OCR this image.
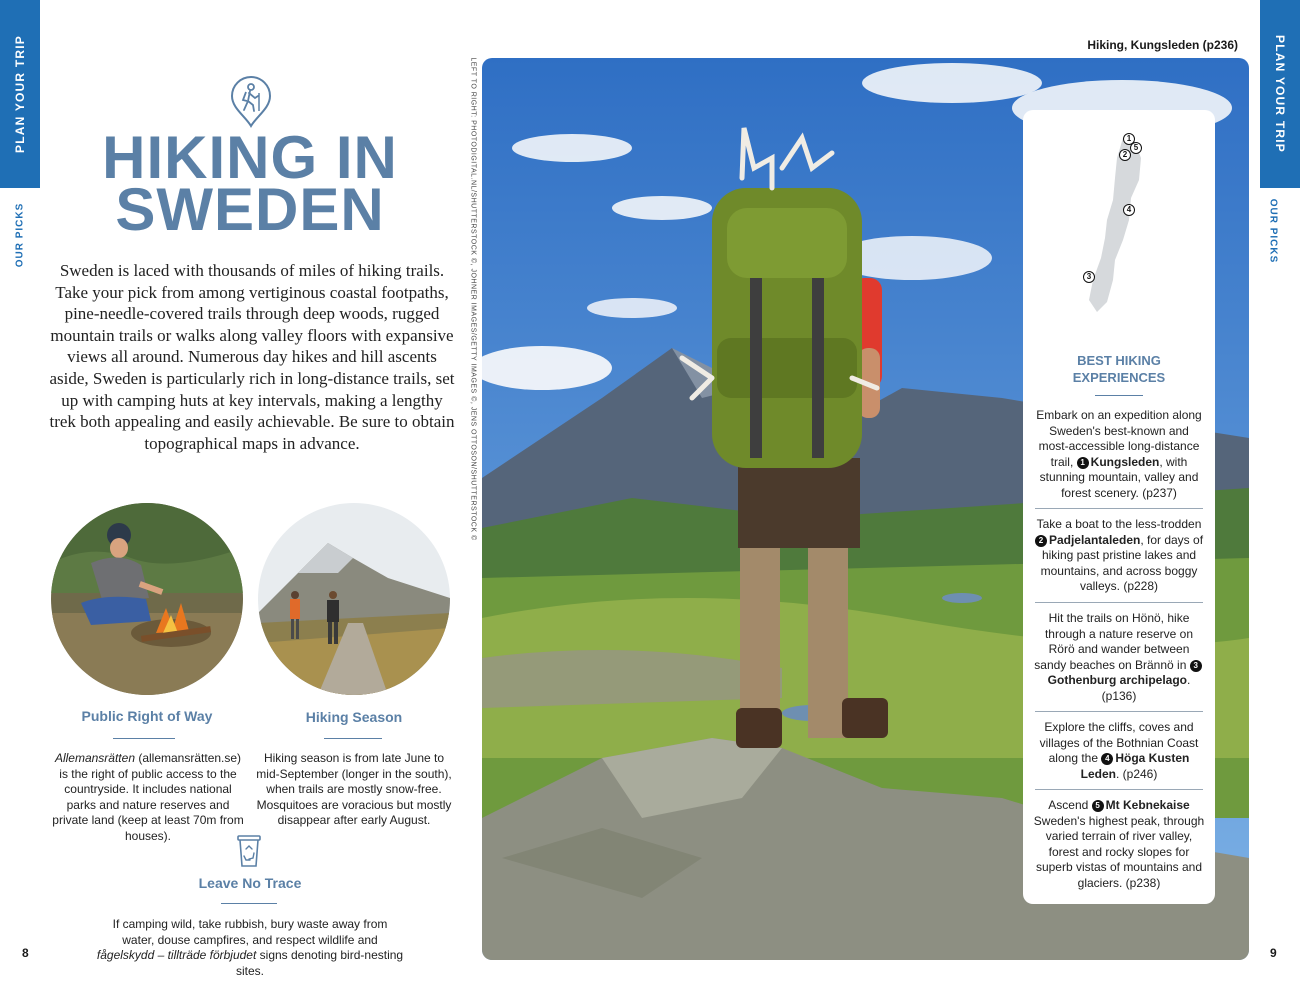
PLAN YOUR TRIP
OUR PICKS
PLAN YOUR TRIP
OUR PICKS
8	9
HIKING IN
SWEDEN
Sweden is laced with thousands of miles of hiking trails. Take your pick from among vertiginous coastal footpaths, pine-needle-covered trails through deep woods, rugged mountain trails or walks along valley floors with expansive views all around. Numerous day hikes and hill ascents aside, Sweden is particularly rich in long-distance trails, set up with camping huts at key intervals, making a lengthy trek both appealing and easily achievable. Be sure to obtain topographical maps in advance.
Public Right of Way
Allemansrätten (allemansrätten.se) is the right of public access to the countryside. It includes national parks and nature reserves and private land (keep at least 70m from houses).
Hiking Season
Hiking season is from late June to mid-September (longer in the south), when trails are mostly snow-free. Mosquitoes are voracious but mostly disappear after early August.
Leave No Trace
If camping wild, take rubbish, bury waste away from water, douse campfires, and respect wildlife and fågelskydd – tillträde förbjudet signs denoting bird-nesting sites.
LEFT TO RIGHT: PHOTODIGITAL.NL/SHUTTERSTOCK ©, JOHNER IMAGES/GETTY IMAGES ©, JENS OTTOSON/SHUTTERSTOCK ©
Hiking, Kungsleden (p236)
1
5
2
4
3
BEST HIKING
EXPERIENCES
Embark on an expedition along Sweden's best-known and most-accessible long-distance trail, 1 Kungsleden, with stunning mountain, valley and forest scenery. (p237)
Take a boat to the less-trodden 2 Padjelantaleden, for days of hiking past pristine lakes and mountains, and across boggy valleys. (p228)
Hit the trails on Hönö, hike through a nature reserve on Rörö and wander between sandy beaches on Brännö in 3Gothenburg archipelago. (p136)
Explore the cliffs, coves and villages of the Bothnian Coast along the 4 Höga Kusten Leden. (p246)
Ascend 5 Mt Kebnekaise Sweden's highest peak, through varied terrain of river valley, forest and rocky slopes for superb vistas of mountains and glaciers. (p238)
